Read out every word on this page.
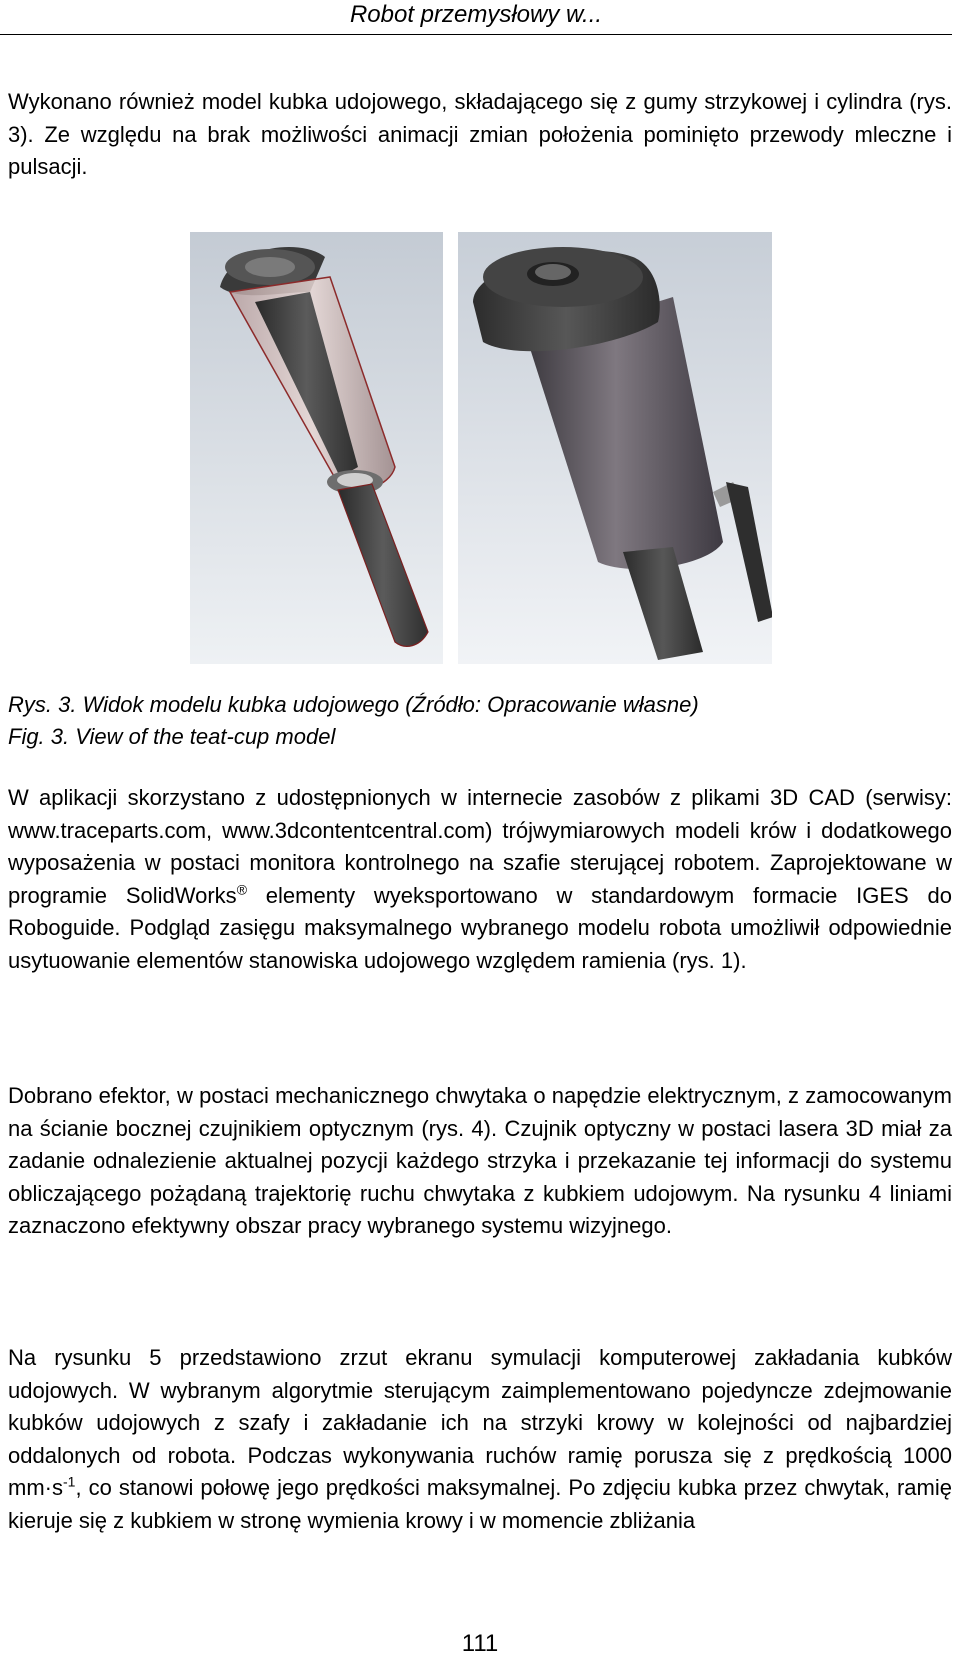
Robot przemysłowy w...
Wykonano również model kubka udojowego, składającego się z gumy strzykowej i cylindra (rys. 3). Ze względu na brak możliwości animacji zmian położenia pominięto przewody mleczne i pulsacji.
Rys. 3. Widok modelu kubka udojowego (Źródło: Opracowanie własne)
Fig. 3. View of the teat-cup model
W aplikacji skorzystano z udostępnionych w internecie zasobów z plikami 3D CAD (serwisy: www.traceparts.com, www.3dcontentcentral.com) trójwymiarowych modeli krów i dodatkowego wyposażenia w postaci monitora kontrolnego na szafie sterującej robotem. Zaprojektowane w programie SolidWorks® elementy wyeksportowano w standardowym formacie IGES do Roboguide. Podgląd zasięgu maksymalnego wybranego modelu robota umożliwił odpowiednie usytuowanie elementów stanowiska udojowego względem ramienia (rys. 1).
Dobrano efektor, w postaci mechanicznego chwytaka o napędzie elektrycznym, z zamocowanym na ścianie bocznej czujnikiem optycznym (rys. 4). Czujnik optyczny w postaci lasera 3D miał za zadanie odnalezienie aktualnej pozycji każdego strzyka i przekazanie tej informacji do systemu obliczającego pożądaną trajektorię ruchu chwytaka z kubkiem udojowym. Na rysunku 4 liniami zaznaczono efektywny obszar pracy wybranego systemu wizyjnego.
Na rysunku 5 przedstawiono zrzut ekranu symulacji komputerowej zakładania kubków udojowych. W wybranym algorytmie sterującym zaimplementowano pojedyncze zdejmowanie kubków udojowych z szafy i zakładanie ich na strzyki krowy w kolejności od najbardziej oddalonych od robota. Podczas wykonywania ruchów ramię porusza się z prędkością 1000 $mm\cdot s^{-1}$, co stanowi połowę jego prędkości maksymalnej. Po zdjęciu kubka przez chwytak, ramię kieruje się z kubkiem w stronę wymienia krowy i w momencie zbliżania
111
